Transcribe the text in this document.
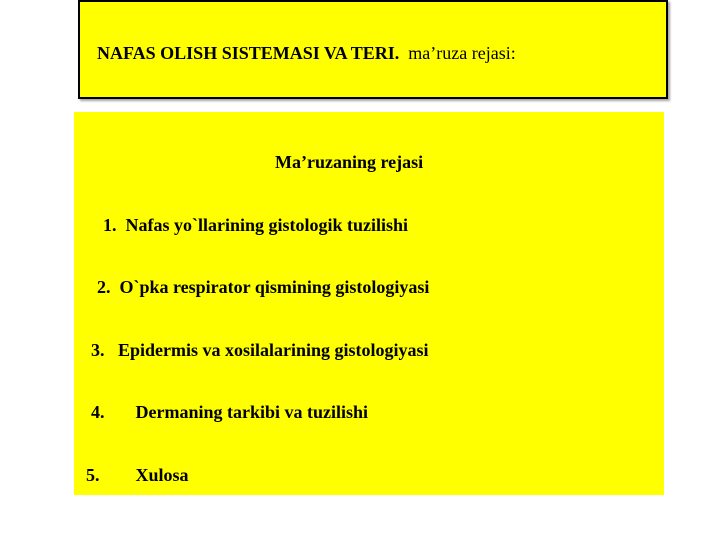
NAFAS OLISH SISTEMASI VA TERI. ma’ruza rejasi:
Ma’ruzaning rejasi
1. Nafas yo`llarining gistologik tuzilishi
2. O`pka respirator qismining gistologiyasi
3. Epidermis va xosilalarining gistologiyasi
4. Dermaning tarkibi va tuzilishi
5. Xulosa
